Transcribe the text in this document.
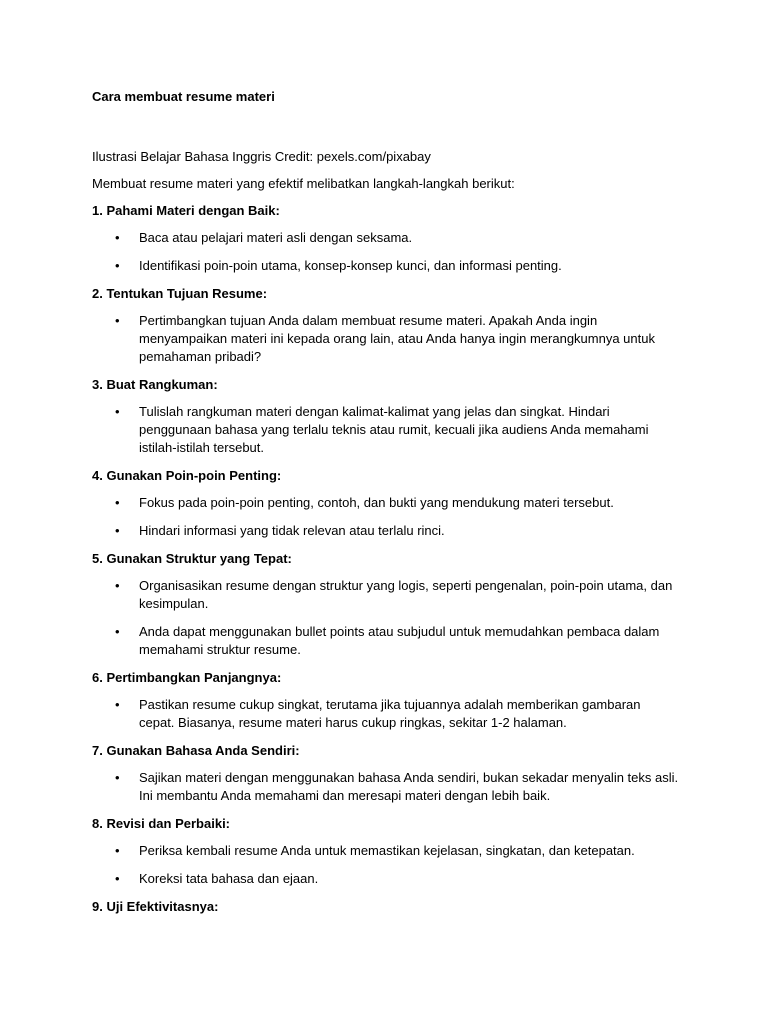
Cara membuat resume materi

Ilustrasi Belajar Bahasa Inggris Credit: pexels.com/pixabay

Membuat resume materi yang efektif melibatkan langkah-langkah berikut:

1. Pahami Materi dengan Baik:
• Baca atau pelajari materi asli dengan seksama.
• Identifikasi poin-poin utama, konsep-konsep kunci, dan informasi penting.
2. Tentukan Tujuan Resume:
• Pertimbangkan tujuan Anda dalam membuat resume materi. Apakah Anda ingin menyampaikan materi ini kepada orang lain, atau Anda hanya ingin merangkumnya untuk pemahaman pribadi?
3. Buat Rangkuman:
• Tulislah rangkuman materi dengan kalimat-kalimat yang jelas dan singkat. Hindari penggunaan bahasa yang terlalu teknis atau rumit, kecuali jika audiens Anda memahami istilah-istilah tersebut.
4. Gunakan Poin-poin Penting:
• Fokus pada poin-poin penting, contoh, dan bukti yang mendukung materi tersebut.
• Hindari informasi yang tidak relevan atau terlalu rinci.
5. Gunakan Struktur yang Tepat:
• Organisasikan resume dengan struktur yang logis, seperti pengenalan, poin-poin utama, dan kesimpulan.
• Anda dapat menggunakan bullet points atau subjudul untuk memudahkan pembaca dalam memahami struktur resume.
6. Pertimbangkan Panjangnya:
• Pastikan resume cukup singkat, terutama jika tujuannya adalah memberikan gambaran cepat. Biasanya, resume materi harus cukup ringkas, sekitar 1-2 halaman.
7. Gunakan Bahasa Anda Sendiri:
• Sajikan materi dengan menggunakan bahasa Anda sendiri, bukan sekadar menyalin teks asli. Ini membantu Anda memahami dan meresapi materi dengan lebih baik.
8. Revisi dan Perbaiki:
• Periksa kembali resume Anda untuk memastikan kejelasan, singkatan, dan ketepatan.
• Koreksi tata bahasa dan ejaan.
9. Uji Efektivitasnya:
